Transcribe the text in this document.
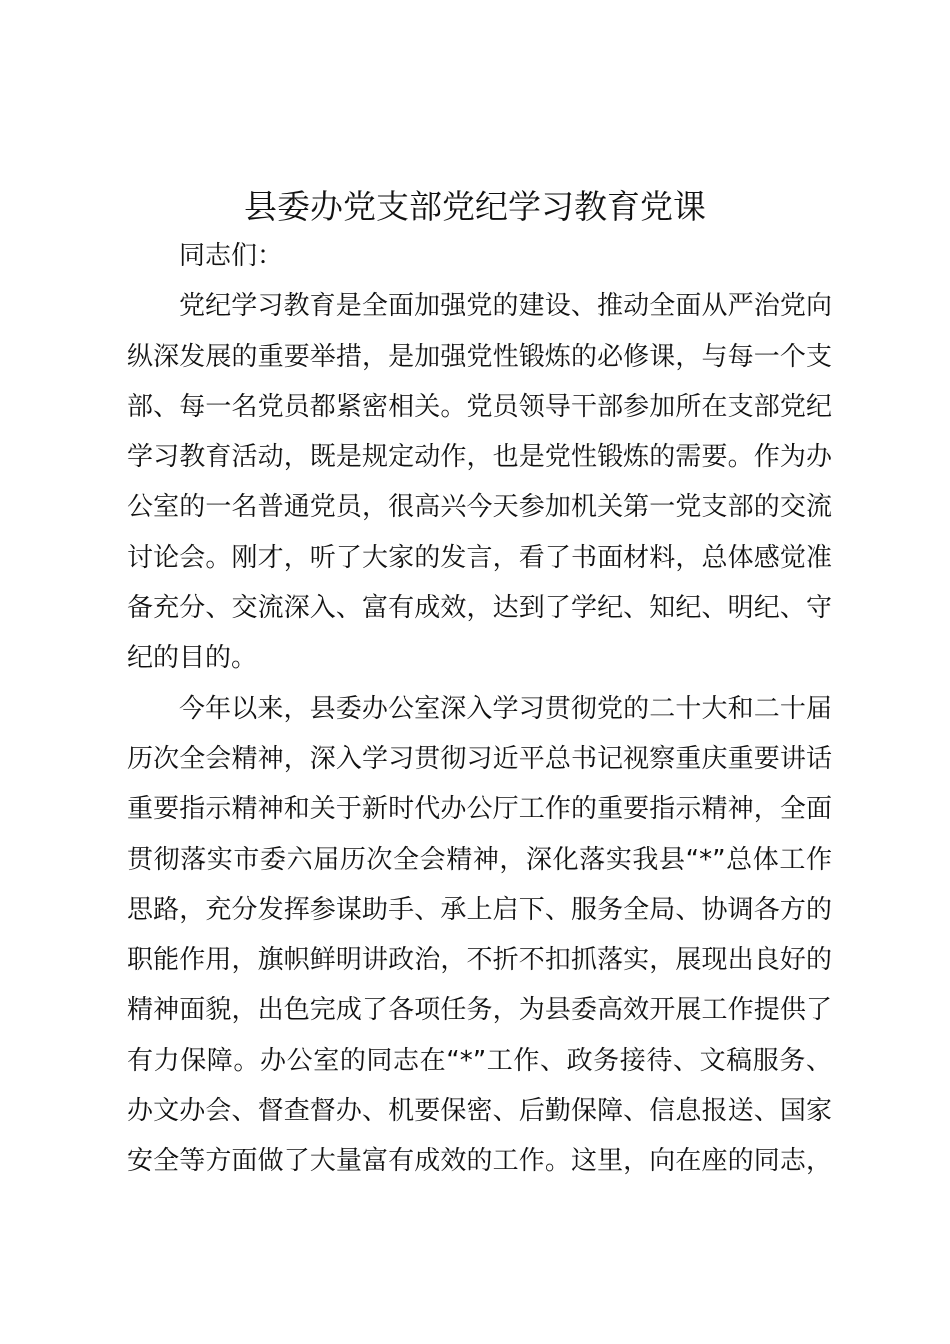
县委办党支部党纪学习教育党课
同志们：
党纪学习教育是全面加强党的建设、推动全面从严治党向
纵深发展的重要举措，是加强党性锻炼的必修课，与每一个支
部、每一名党员都紧密相关。党员领导干部参加所在支部党纪
学习教育活动，既是规定动作，也是党性锻炼的需要。作为办
公室的一名普通党员，很高兴今天参加机关第一党支部的交流
讨论会。刚才，听了大家的发言，看了书面材料，总体感觉准
备充分、交流深入、富有成效，达到了学纪、知纪、明纪、守
纪的目的。
今年以来，县委办公室深入学习贯彻党的二十大和二十届
历次全会精神，深入学习贯彻习近平总书记视察重庆重要讲话
重要指示精神和关于新时代办公厅工作的重要指示精神，全面
贯彻落实市委六届历次全会精神，深化落实我县“*”总体工作
思路，充分发挥参谋助手、承上启下、服务全局、协调各方的
职能作用，旗帜鲜明讲政治，不折不扣抓落实，展现出良好的
精神面貌，出色完成了各项任务，为县委高效开展工作提供了
有力保障。办公室的同志在“*”工作、政务接待、文稿服务、
办文办会、督查督办、机要保密、后勤保障、信息报送、国家
安全等方面做了大量富有成效的工作。这里，向在座的同志，
